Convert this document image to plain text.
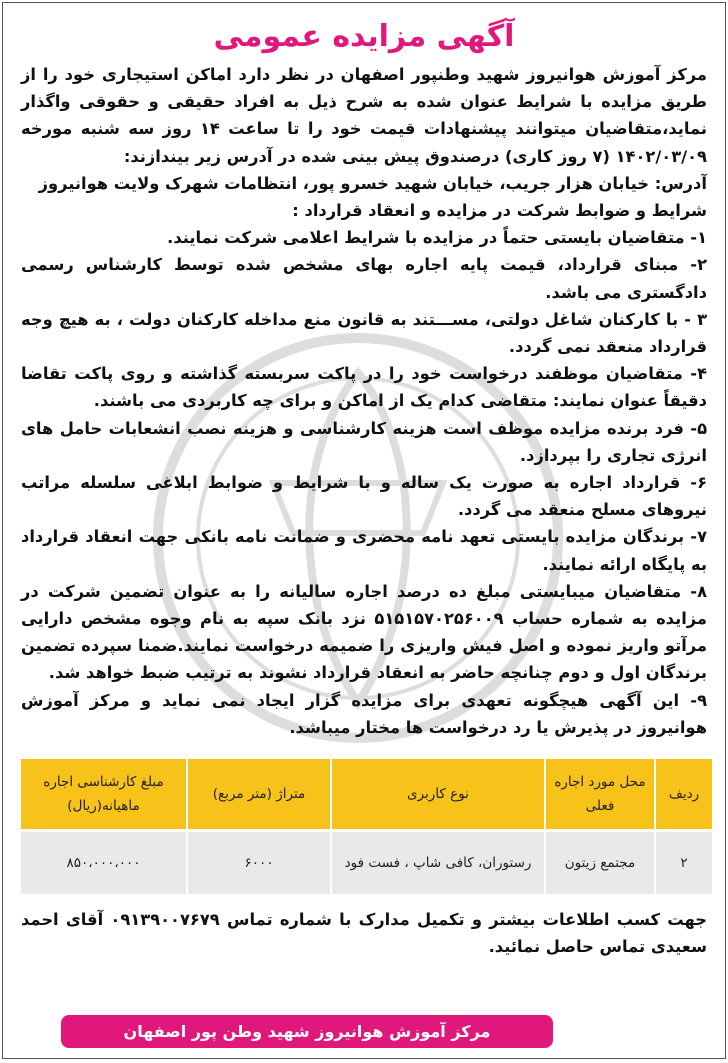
آگهی مزایده عمومی

مرکز آموزش هوانیروز شهید وطنپور اصفهان در نظر دارد اماکن استیجاری خود را از طریق مزایده با شرایط عنوان شده به شرح ذیل به افراد حقیقی و حقوقی واگذار نماید،متقاضیان میتوانند پیشنهادات قیمت خود را تا ساعت ۱۴ روز سه شنبه مورخه ۱۴۰۲/۰۳/۰۹ (۷ روز کاری) درصندوق پیش بینی شده در آدرس زیر بیندازند:

آدرس: خیابان هزار جریب، خیابان شهید خسرو پور، انتظامات شهرک ولایت هوانیروز

شرایط و ضوابط شرکت در مزایده و انعقاد قرارداد :

۱- متقاضیان بایستی حتماً در مزایده با شرایط اعلامی شرکت نمایند.

۲- مبنای قرارداد، قیمت پایه اجاره بهای مشخص شده توسط کارشناس رسمی دادگستری می باشد.

۳ - با کارکنان شاغل دولتی، مســـتند به قانون منع مداخله کارکنان دولت ، به هیچ وجه قرارداد منعقد نمی گردد.

۴- متقاضیان موظفند درخواست خود را در پاکت سربسته گذاشته و روی پاکت تقاضا دقیقاً عنوان نمایند: متقاضی کدام یک از اماکن و برای چه کاربردی می باشند.

۵- فرد برنده مزایده موظف است هزینه کارشناسی و هزینه نصب انشعابات حامل های انرژی تجاری را بپردازد.

۶- قرارداد اجاره به صورت یک ساله و با شرایط و ضوابط ابلاغی سلسله مراتب نیروهای مسلح منعقد می گردد.

۷- برندگان مزایده بایستی تعهد نامه محضری و ضمانت نامه بانکی جهت انعقاد قرارداد به پایگاه ارائه نمایند.

۸- متقاضیان میبایستی مبلغ ده درصد اجاره سالیانه را به عنوان تضمین شرکت در مزایده به شماره حساب ۵۱۵۱۵۷۰۲۵۶۰۰۹ نزد بانک سپه به نام وجوه مشخص دارایی مرآتو واریز نموده و اصل فیش واریزی را ضمیمه درخواست نمایند.ضمنا سپرده تضمین برندگان اول و دوم چنانچه حاضر به انعقاد قرارداد نشوند به ترتیب ضبط خواهد شد.

۹- این آگهی هیچگونه تعهدی برای مزایده گزار ایجاد نمی نماید و مرکز آموزش هوانیروز در پذیرش یا رد درخواست ها مختار میباشد.

ردیف	محل مورد اجاره فعلی	نوع کاربری	متراژ (متر مربع)	مبلغ کارشناسی اجاره ماهیانه(ریال)
۲	مجتمع زیتون	رستوران، کافی شاپ ، فست فود	۶۰۰۰	۸۵۰،۰۰۰،۰۰۰
جهت کسب اطلاعات بیشتر و تکمیل مدارک با شماره تماس ۰۹۱۳۹۰۰۷۶۷۹ آقای احمد سعیدی تماس حاصل نمائید.
مرکز آموزش هوانیروز شهید وطن پور اصفهان
